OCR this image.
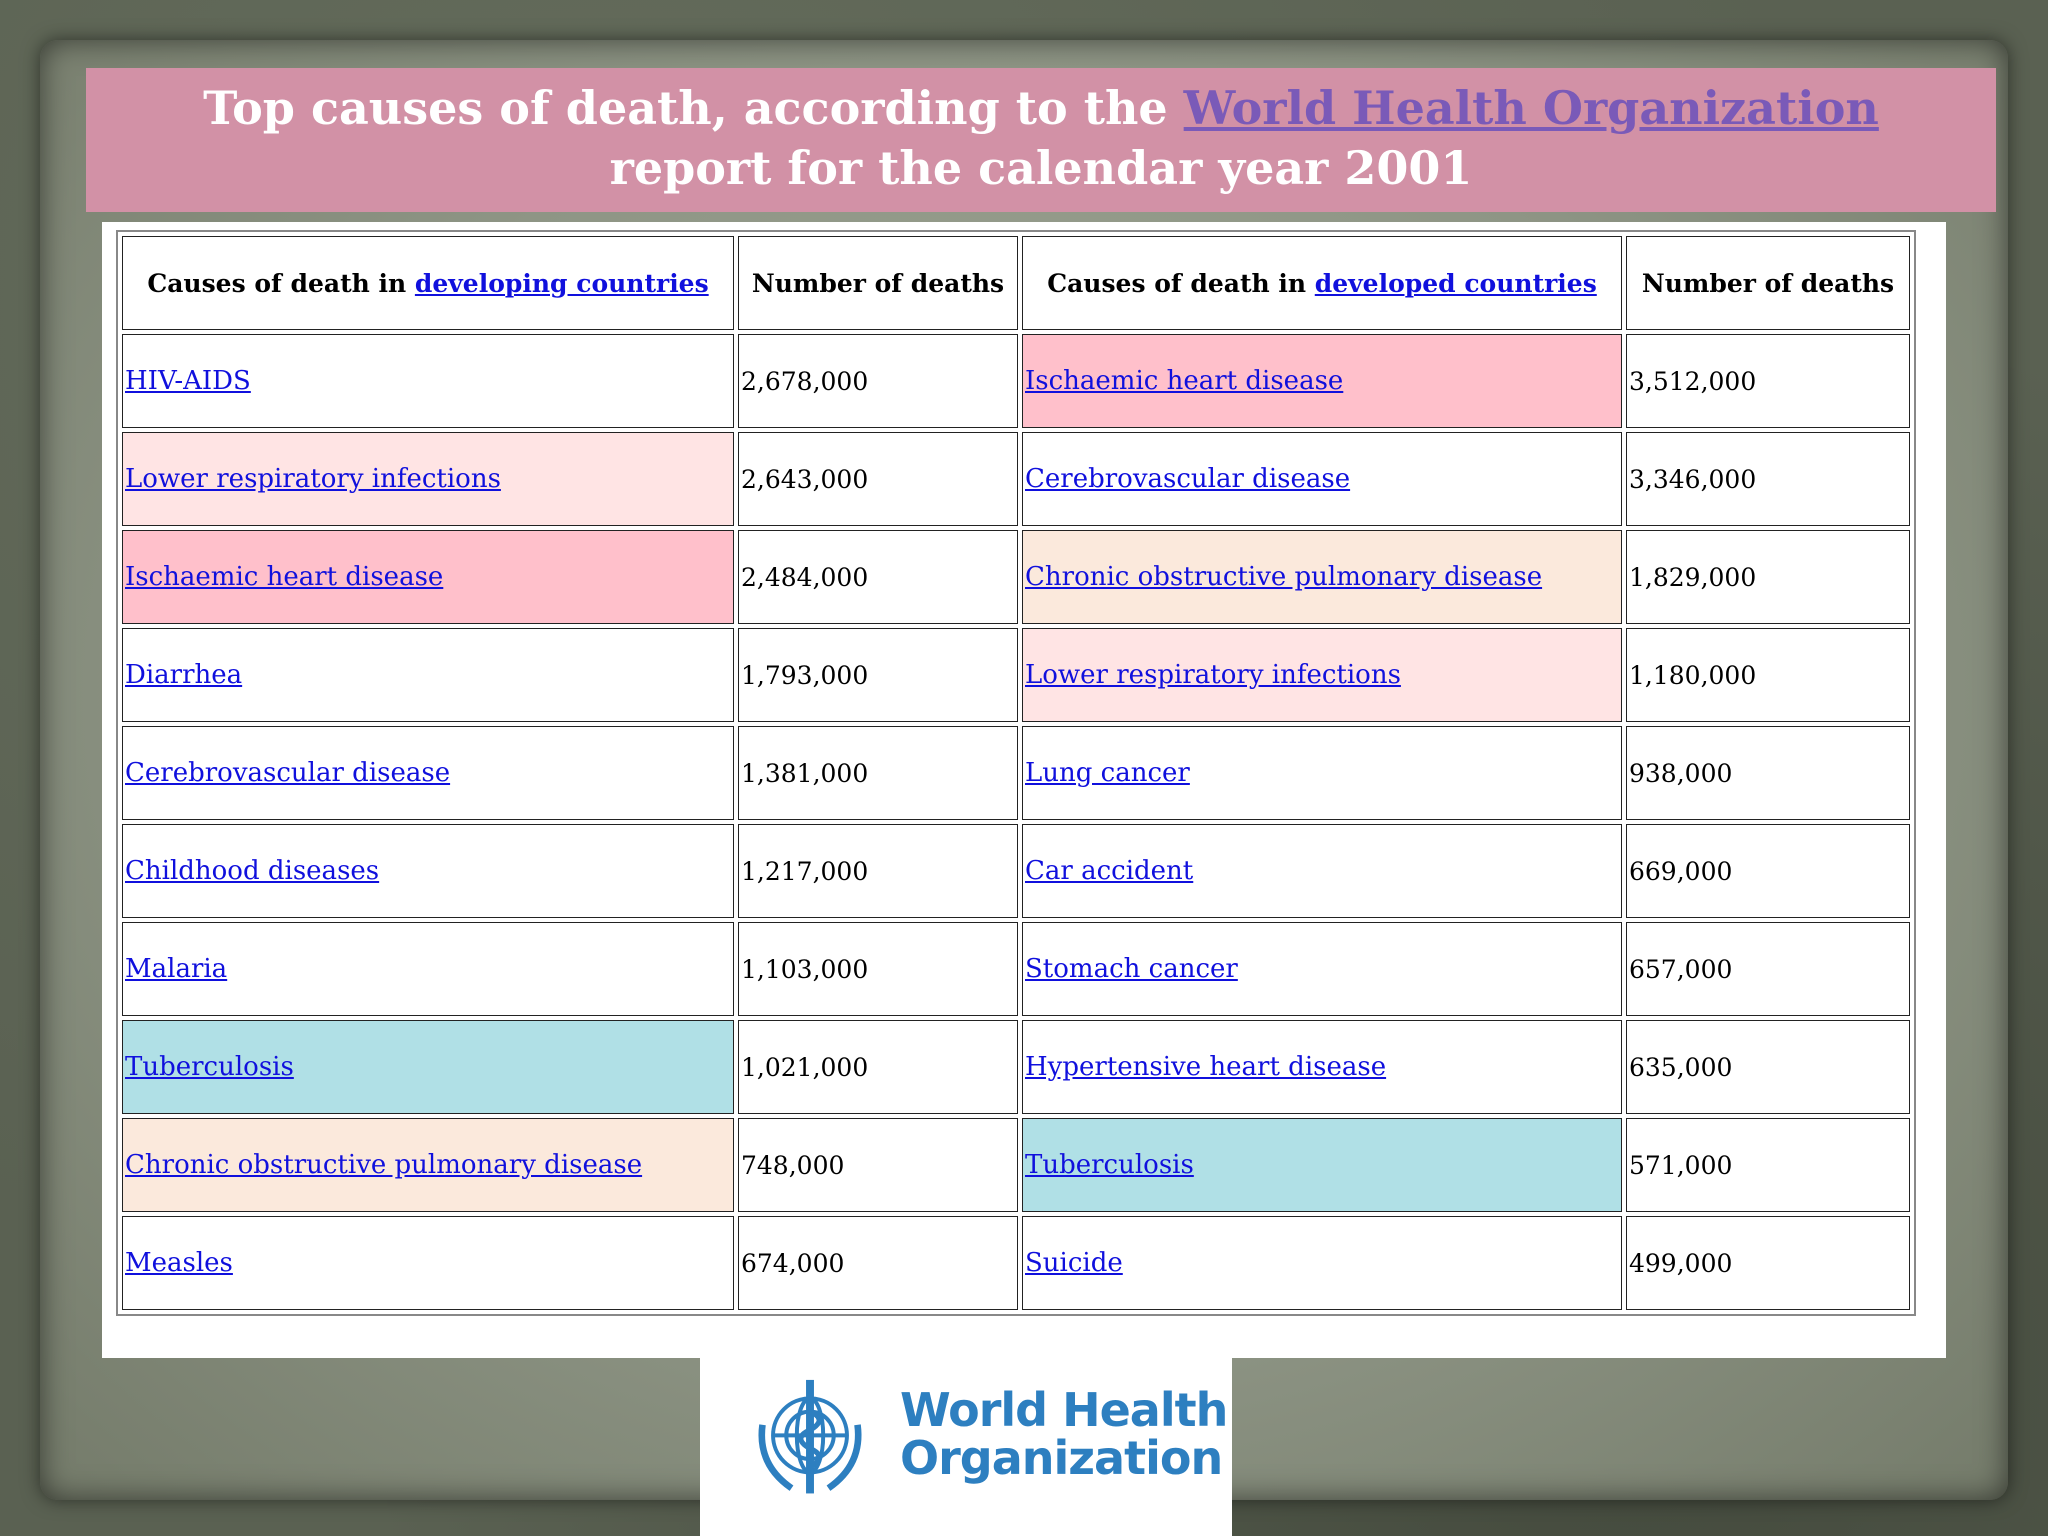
Top causes of death, according to the World Health Organization report for the calendar year 2001
Causes of death in developing countries	Number of deaths	Causes of death in developed countries	Number of deaths
HIV-AIDS	2,678,000	Ischaemic heart disease	3,512,000
Lower respiratory infections	2,643,000	Cerebrovascular disease	3,346,000
Ischaemic heart disease	2,484,000	Chronic obstructive pulmonary disease	1,829,000
Diarrhea	1,793,000	Lower respiratory infections	1,180,000
Cerebrovascular disease	1,381,000	Lung cancer	938,000
Childhood diseases	1,217,000	Car accident	669,000
Malaria	1,103,000	Stomach cancer	657,000
Tuberculosis	1,021,000	Hypertensive heart disease	635,000
Chronic obstructive pulmonary disease	748,000	Tuberculosis	571,000
Measles	674,000	Suicide	499,000
World Health
Organization
